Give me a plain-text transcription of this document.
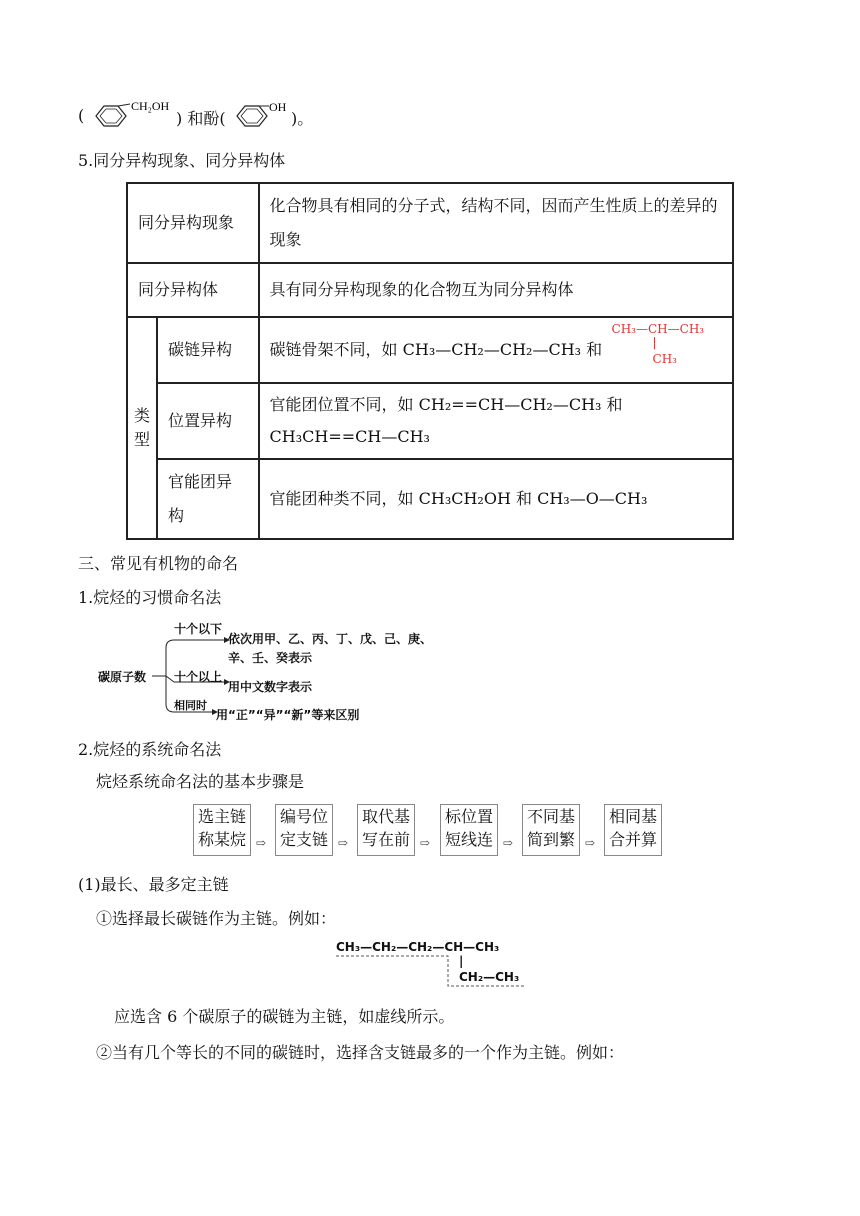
(	CH₂OH
) 和酚(
OH
)。
5.同分异构现象、同分异构体
同分异构现象		化合物具有相同的分子式，结构不同，因而产生性质上的差异的现象
同分异构体		具有同分异构现象的化合物互为同分异构体
类型	碳链异构	碳链骨架不同，如 CH₃—CH₂—CH₂—CH₃ 和
CH₃—CH—CH₃
|
CH₃

	位置异构	官能团位置不同，如 CH₂==CH—CH₂—CH₃ 和
CH₃CH==CH—CH₃

	官能团异构	官能团种类不同，如 CH₃CH₂OH 和 CH₃—O—CH₃
三、常见有机物的命名
1.烷烃的习惯命名法
碳原子数
十个以下
依次用甲、乙、丙、丁、戊、己、庚、
辛、壬、癸表示
十个以上
用中文数字表示
相同时
用“正”“异”“新”等来区别
2.烷烃的系统命名法
烷烃系统命名法的基本步骤是
选主链
称某烷 ⇨
编号位
定支链 ⇨
取代基
写在前 ⇨
标位置
短线连 ⇨
不同基
简到繁 ⇨
相同基
合并算
(1)最长、最多定主链
①选择最长碳链作为主链。例如：
CH₃—CH₂—CH₂—CH—CH₃
|
CH₂—CH₃
应选含 6 个碳原子的碳链为主链，如虚线所示。
②当有几个等长的不同的碳链时，选择含支链最多的一个作为主链。例如：
